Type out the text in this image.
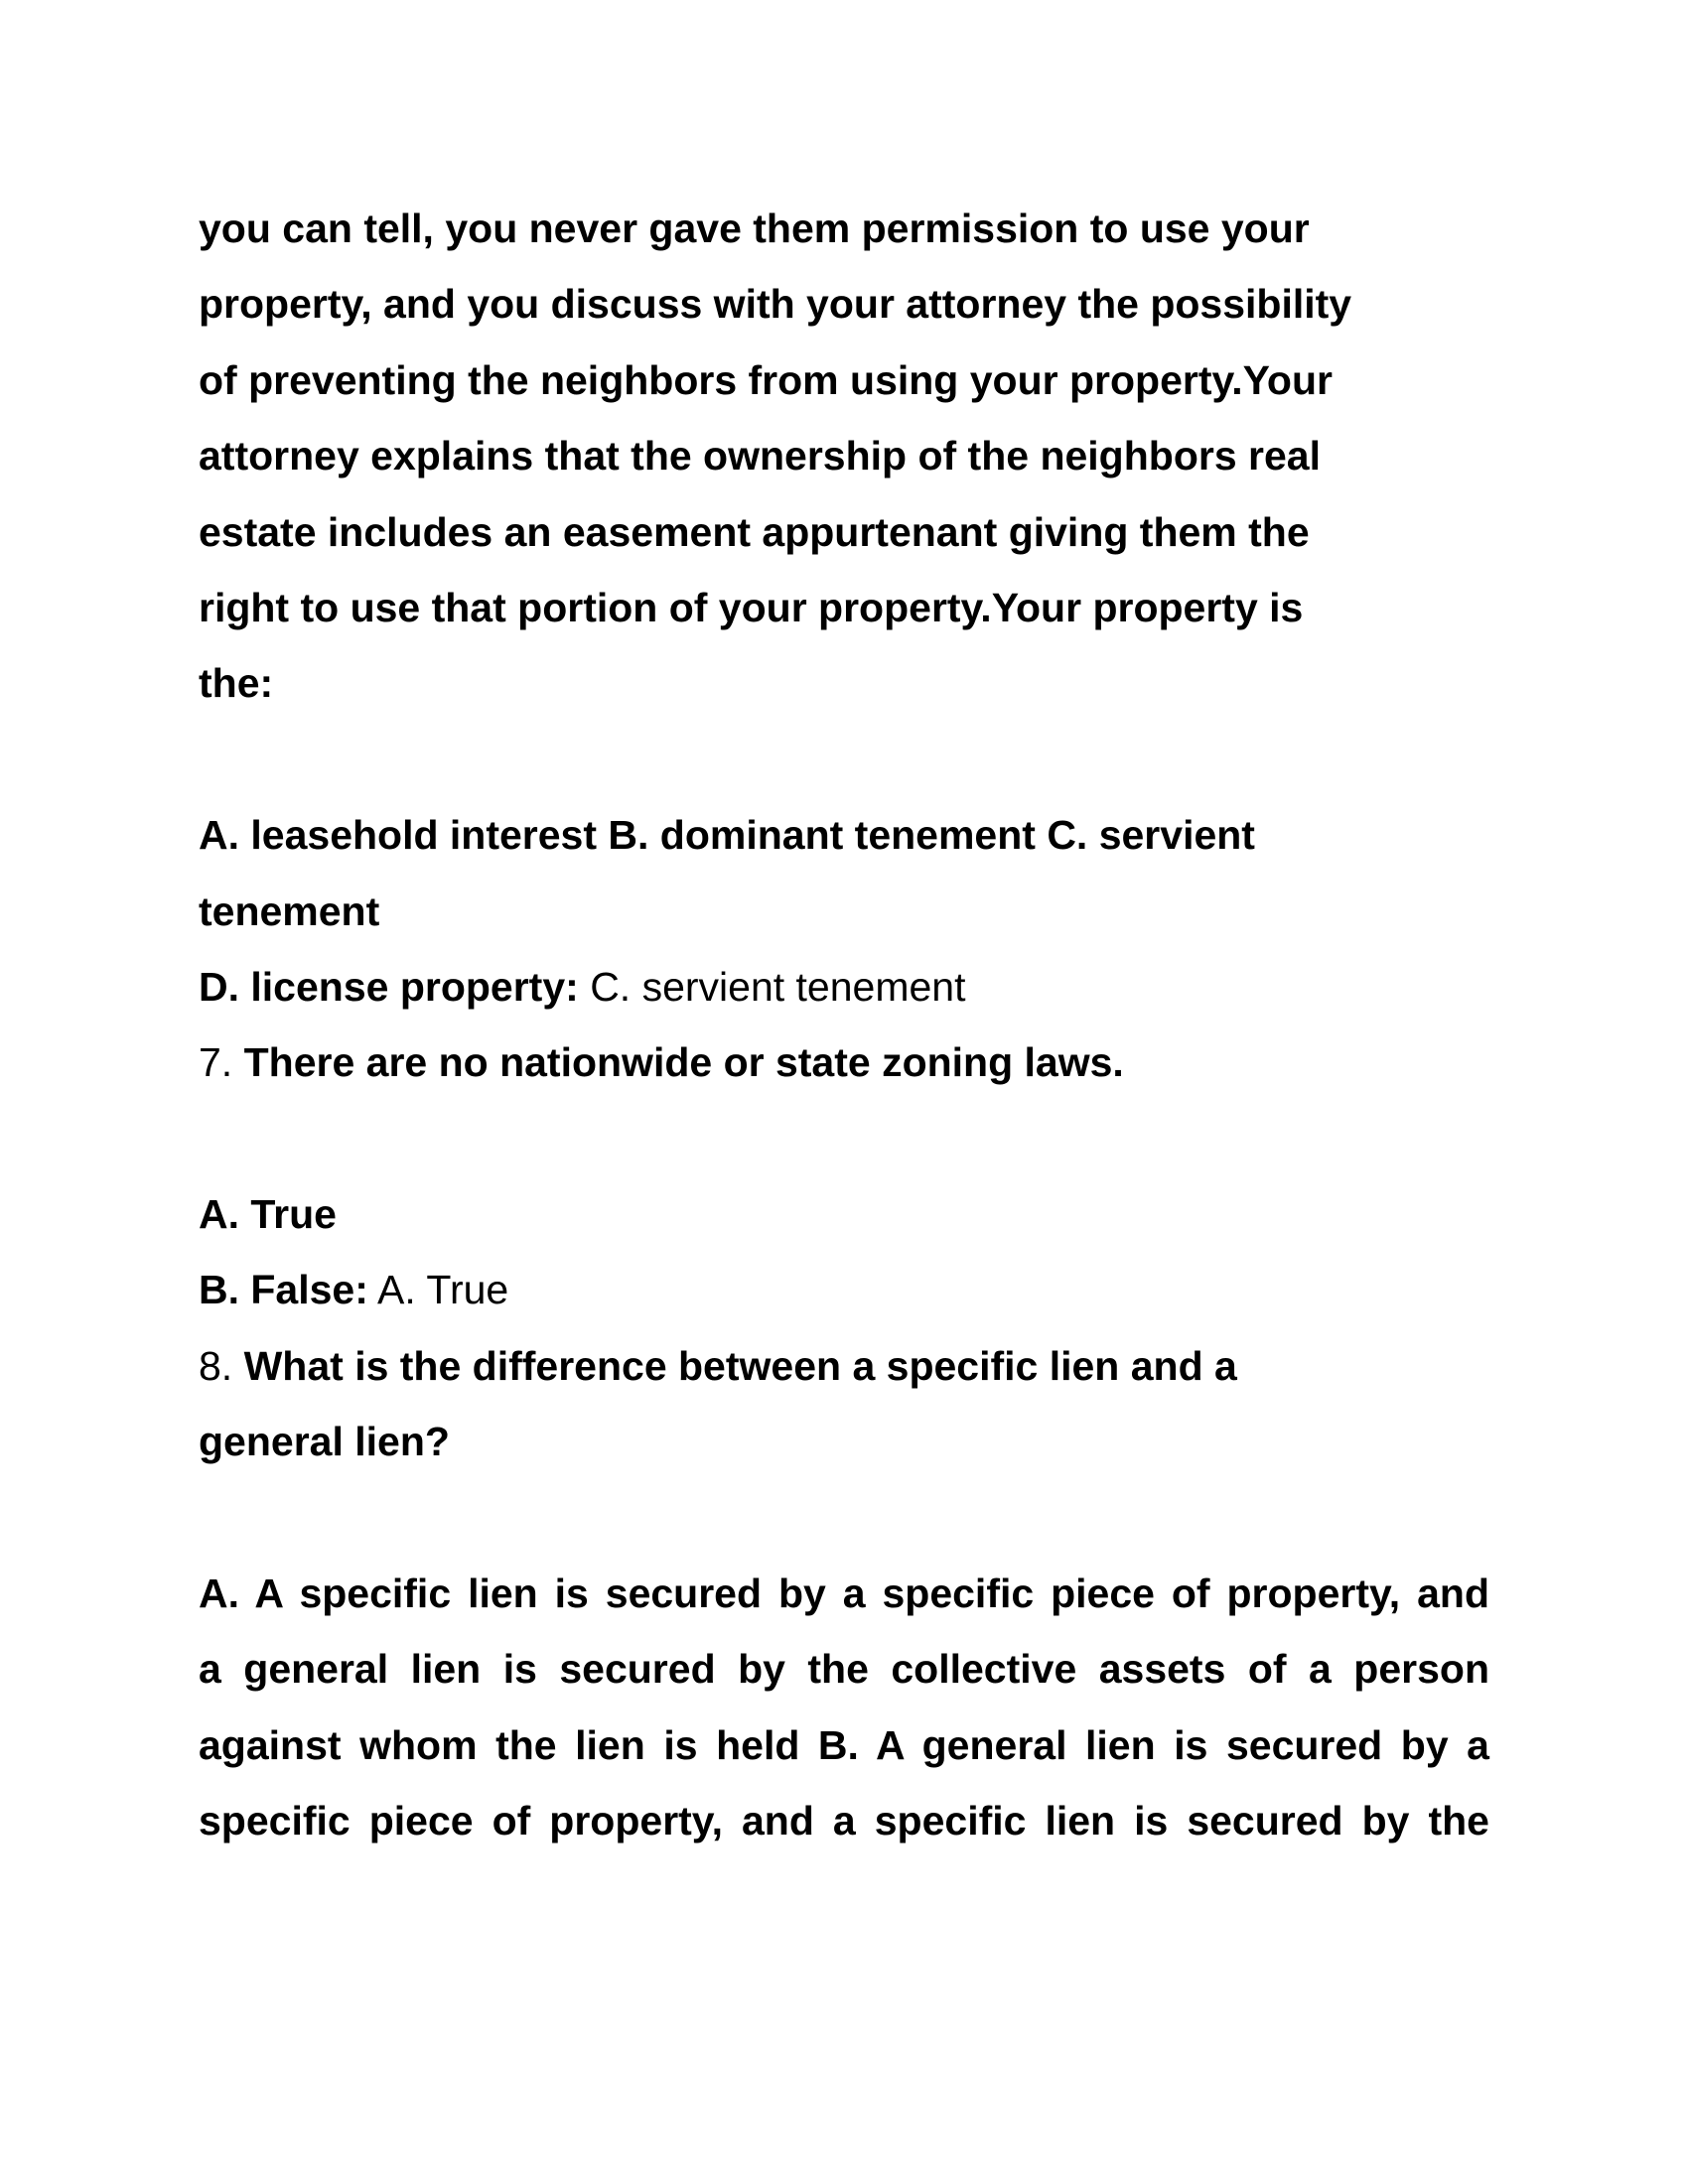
you can tell, you never gave them permission to use your
property, and you discuss with your attorney the possibility
of preventing the neighbors from using your property.Your
attorney explains that the ownership of the neighbors real
estate includes an easement appurtenant giving them the
right to use that portion of your property.Your property is
the:
A. leasehold interest B. dominant tenement C. servient
tenement
D. license property: C. servient tenement
7. There are no nationwide or state zoning laws.
A. True
B. False: A. True
8. What is the difference between a specific lien and a
general lien?
A. A specific lien is secured by a specific piece of property, and
a general lien is secured by the collective assets of a person
against whom the lien is held B. A general lien is secured by a
specific piece of property, and a specific lien is secured by the
